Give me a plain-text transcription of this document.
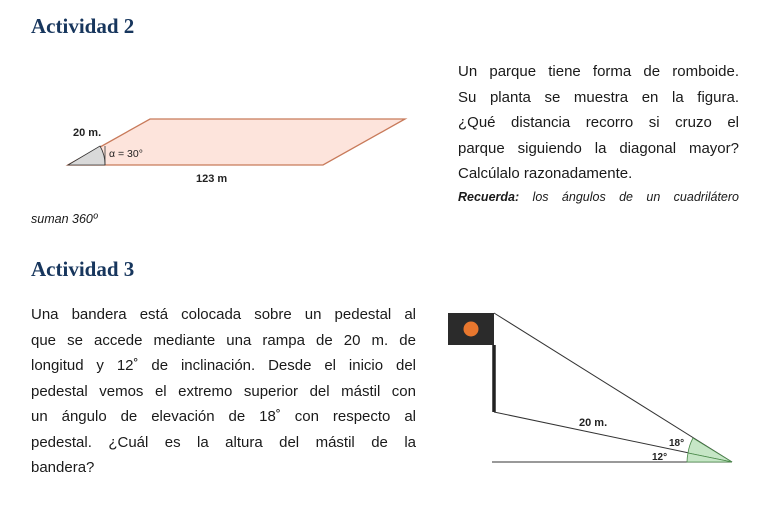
Actividad 2
20 m.
α = 30°
123 m
Un parque tiene forma de romboide.
Su planta se muestra en la figura.
¿Qué distancia recorro si cruzo el
parque siguiendo la diagonal mayor?
Calcúlalo razonadamente.
Recuerda: los ángulos de un cuadrilátero
suman 360º
Actividad 3
Una bandera está colocada sobre un pedestal al
que se accede mediante una rampa de 20 m. de
longitud y 12˚ de inclinación. Desde el inicio del
pedestal vemos el extremo superior del mástil con
un ángulo de elevación de 18˚ con respecto al
pedestal. ¿Cuál es la altura del mástil de la
bandera?
20 m.
18°
12°
